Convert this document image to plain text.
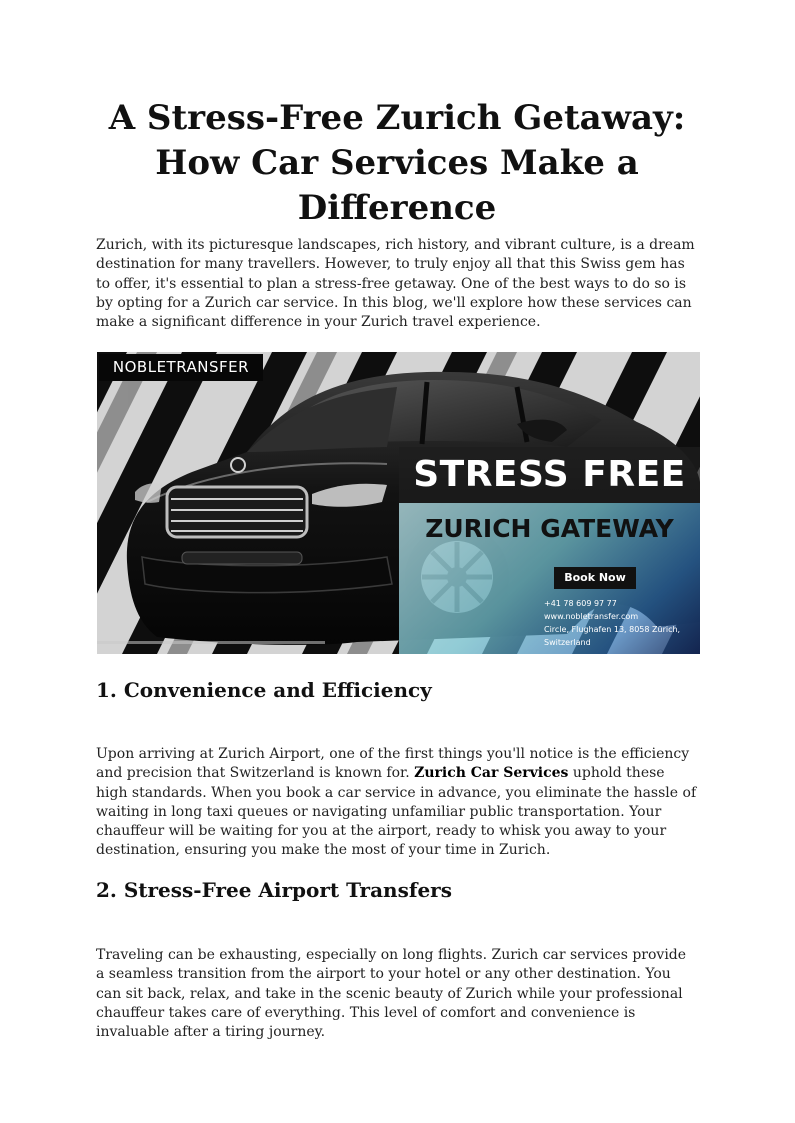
A Stress-Free Zurich Getaway: How Car Services Make a Difference

Zurich, with its picturesque landscapes, rich history, and vibrant culture, is a dream destination for many travellers. However, to truly enjoy all that this Swiss gem has to offer, it's essential to plan a stress-free getaway. One of the best ways to do so is by opting for a Zurich car service. In this blog, we'll explore how these services can make a significant difference in your Zurich travel experience.

NOBLETRANSFER
STRESS FREE
ZURICH GATEWAY
Book Now
+41 78 609 97 77
www.nobletransfer.com
Circle, Flughafen 13, 8058 Zürich,
Switzerland
1. Convenience and Efficiency

Upon arriving at Zurich Airport, one of the first things you'll notice is the efficiency and precision that Switzerland is known for. Zurich Car Services uphold these high standards. When you book a car service in advance, you eliminate the hassle of waiting in long taxi queues or navigating unfamiliar public transportation. Your chauffeur will be waiting for you at the airport, ready to whisk you away to your destination, ensuring you make the most of your time in Zurich.

2. Stress-Free Airport Transfers

Traveling can be exhausting, especially on long flights. Zurich car services provide a seamless transition from the airport to your hotel or any other destination. You can sit back, relax, and take in the scenic beauty of Zurich while your professional chauffeur takes care of everything. This level of comfort and convenience is invaluable after a tiring journey.
